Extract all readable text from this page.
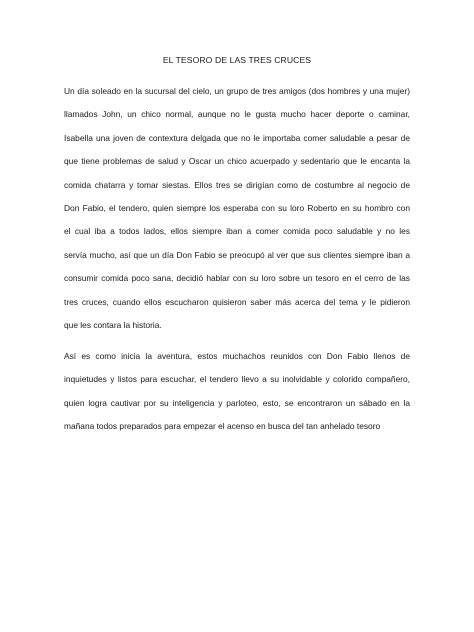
EL TESORO DE LAS TRES CRUCES
Un día soleado en la sucursal del cielo, un grupo de tres amigos (dos hombres y una mujer)
llamados John, un chico normal, aunque no le gusta mucho hacer deporte o caminar,
Isabella una joven de contextura delgada que no le importaba comer saludable a pesar de
que tiene problemas de salud y Oscar un chico acuerpado y sedentario que le encanta la
comida chatarra y tomar siestas. Ellos tres se dirigían como de costumbre al negocio de
Don Fabio, el tendero, quien siempre los esperaba con su loro Roberto en su hombro con
el cual iba a todos lados, ellos siempre iban a comer comida poco saludable y no les
servía mucho, así que un día Don Fabio se preocupó al ver que sus clientes siempre iban a
consumir comida poco sana, decidió hablar con su loro sobre un tesoro en el cerro de las
tres cruces, cuando ellos escucharon quisieron saber más acerca del tema y le pidieron
que les contara la historia.
Así es como inicia la aventura, estos muchachos reunidos con Don Fabio llenos de
inquietudes y listos para escuchar, el tendero llevo a su inolvidable y colorido compañero,
quien logra cautivar por su inteligencia y parloteo, esto, se encontraron un sábado en la
mañana todos preparados para empezar el acenso en busca del tan anhelado tesoro
